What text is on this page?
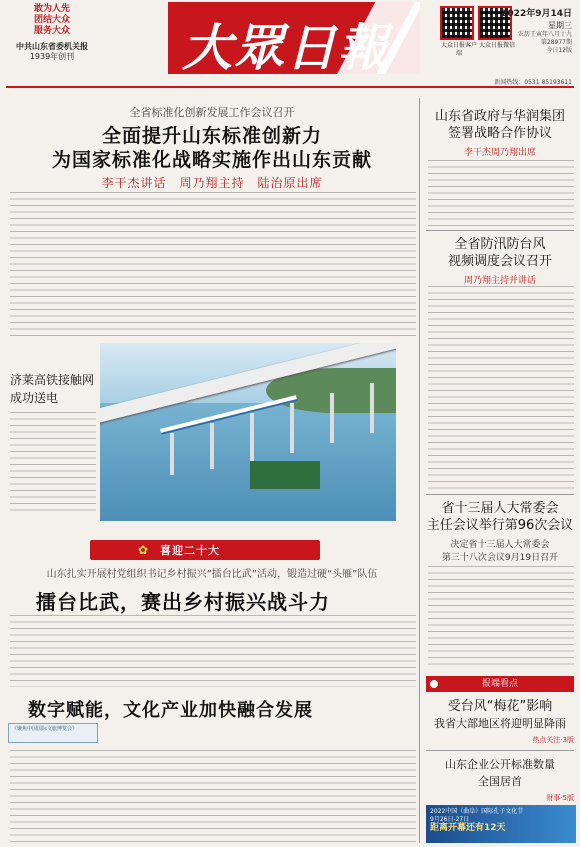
敢为人先
团结大众
服务大众
中共山东省委机关报
1939年创刊	大眾日報	大众日报客户端
大众日报微信
2022年9月14日
星期三
农历壬寅年八月十九
第28977期
今日12版
新闻热线：0531 85193611
全省标准化创新发展工作会议召开
全面提升山东标准创新力
为国家标准化战略实施作出山东贡献
李干杰讲话　周乃翔主持　陆治原出席
济莱高铁接触网
成功送电
✿ 喜迎二十大
山东扎实开展村党组织书记乡村振兴“擂台比武”活动，锻造过硬“头雁”队伍
擂台比武，赛出乡村振兴战斗力
数字赋能，文化产业加快融合发展
《聚焦中国国际文旅博览会》
山东省政府与华润集团
签署战略合作协议
李干杰周乃翔出席
全省防汛防台风
视频调度会议召开
周乃翔主持并讲话
省十三届人大常委会
主任会议举行第96次会议
决定省十三届人大常委会
第三十八次会议9月19日召开
报端看点
受台风“梅花”影响
我省大部地区将迎明显降雨
热点关注·3版
山东企业公开标准数量
全国居首
财事·5版
2022中国（曲阜）国际孔子文化节
9月26日-27日
距离开幕还有12天
